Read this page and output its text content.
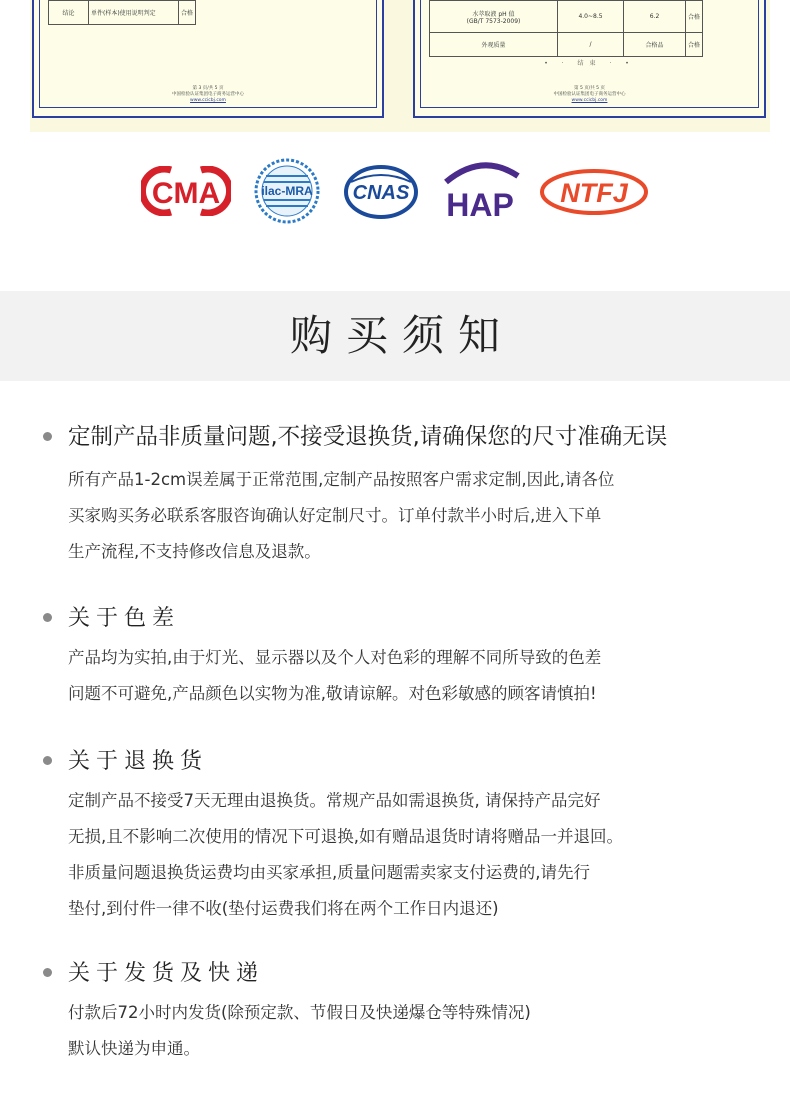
结论	单件(样本)使用说明判定	合格
第 3 页/共 5 页
中国检验认证集团电子商务运营中心
www.ccicbj.com
水萃取液 pH 值
(GB/T 7573-2009)	4.0~8.5	6.2	合格
外观质量	/	合格品	合格
• · 结束 · •
第 5 页/共 5 页
中国检验认证集团电子商务运营中心
www.ccicbj.com
CMA	ilac-MRA CNAS HAP NTFJ
购买须知
定制产品非质量问题,不接受退换货,请确保您的尺寸准确无误
所有产品1-2cm误差属于正常范围,定制产品按照客户需求定制,因此,请各位
买家购买务必联系客服咨询确认好定制尺寸。订单付款半小时后,进入下单
生产流程,不支持修改信息及退款。
关于色差
产品均为实拍,由于灯光、显示器以及个人对色彩的理解不同所导致的色差
问题不可避免,产品颜色以实物为准,敬请谅解。对色彩敏感的顾客请慎拍!
关于退换货
定制产品不接受7天无理由退换货。常规产品如需退换货, 请保持产品完好
无损,且不影响二次使用的情况下可退换,如有赠品退货时请将赠品一并退回。
非质量问题退换货运费均由买家承担,质量问题需卖家支付运费的,请先行
垫付,到付件一律不收(垫付运费我们将在两个工作日内退还)
关于发货及快递
付款后72小时内发货(除预定款、节假日及快递爆仓等特殊情况)
默认快递为申通。
